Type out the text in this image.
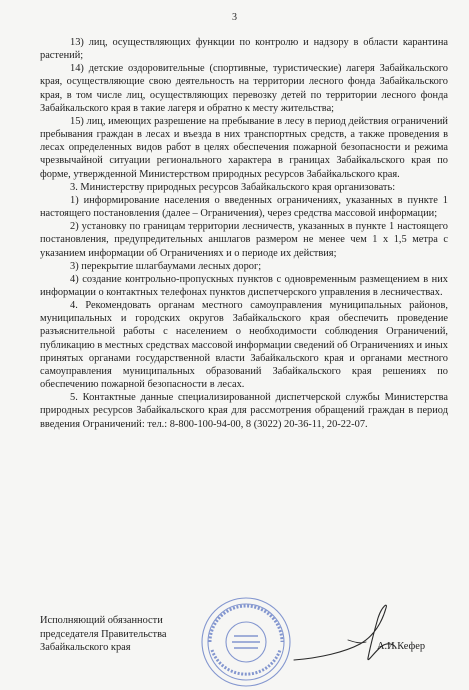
3

13) лиц, осуществляющих функции по контролю и надзору в области карантина растений;

14) детские оздоровительные (спортивные, туристические) лагеря Забайкальского края, осуществляющие свою деятельность на территории лесного фонда Забайкальского края, в том числе лиц, осуществляющих перевозку детей по территории лесного фонда Забайкальского края в такие лагеря и обратно к месту жительства;

15) лиц, имеющих разрешение на пребывание в лесу в период действия ограничений пребывания граждан в лесах и въезда в них транспортных средств, а также проведения в лесах определенных видов работ в целях обеспечения пожарной безопасности и режима чрезвычайной ситуации регионального характера в границах Забайкальского края по форме, утвержденной Министерством природных ресурсов Забайкальского края.

3. Министерству природных ресурсов Забайкальского края организовать:

1) информирование населения о введенных ограничениях, указанных в пункте 1 настоящего постановления (далее – Ограничения), через средства массовой информации;

2) установку по границам территории лесничеств, указанных в пункте 1 настоящего постановления, предупредительных аншлагов размером не менее чем 1 х 1,5 метра с указанием информации об Ограничениях и о периоде их действия;

3) перекрытие шлагбаумами лесных дорог;

4) создание контрольно-пропускных пунктов с одновременным размещением в них информации о контактных телефонах пунктов диспетчерского управления в лесничествах.

4. Рекомендовать органам местного самоуправления муниципальных районов, муниципальных и городских округов Забайкальского края обеспечить проведение разъяснительной работы с населением о необходимости соблюдения Ограничений, публикацию в местных средствах массовой информации сведений об Ограничениях и иных принятых органами государственной власти Забайкальского края и органами местного самоуправления муниципальных образований Забайкальского края решениях по обеспечению пожарной безопасности в лесах.

5. Контактные данные специализированной диспетчерской службы Министерства природных ресурсов Забайкальского края для рассмотрения обращений граждан в период введения Ограничений: тел.: 8-800-100-94-00, 8 (3022) 20-36-11, 20-22-07.

Исполняющий обязанности
председателя Правительства
Забайкальского края	А.И.Кефер
